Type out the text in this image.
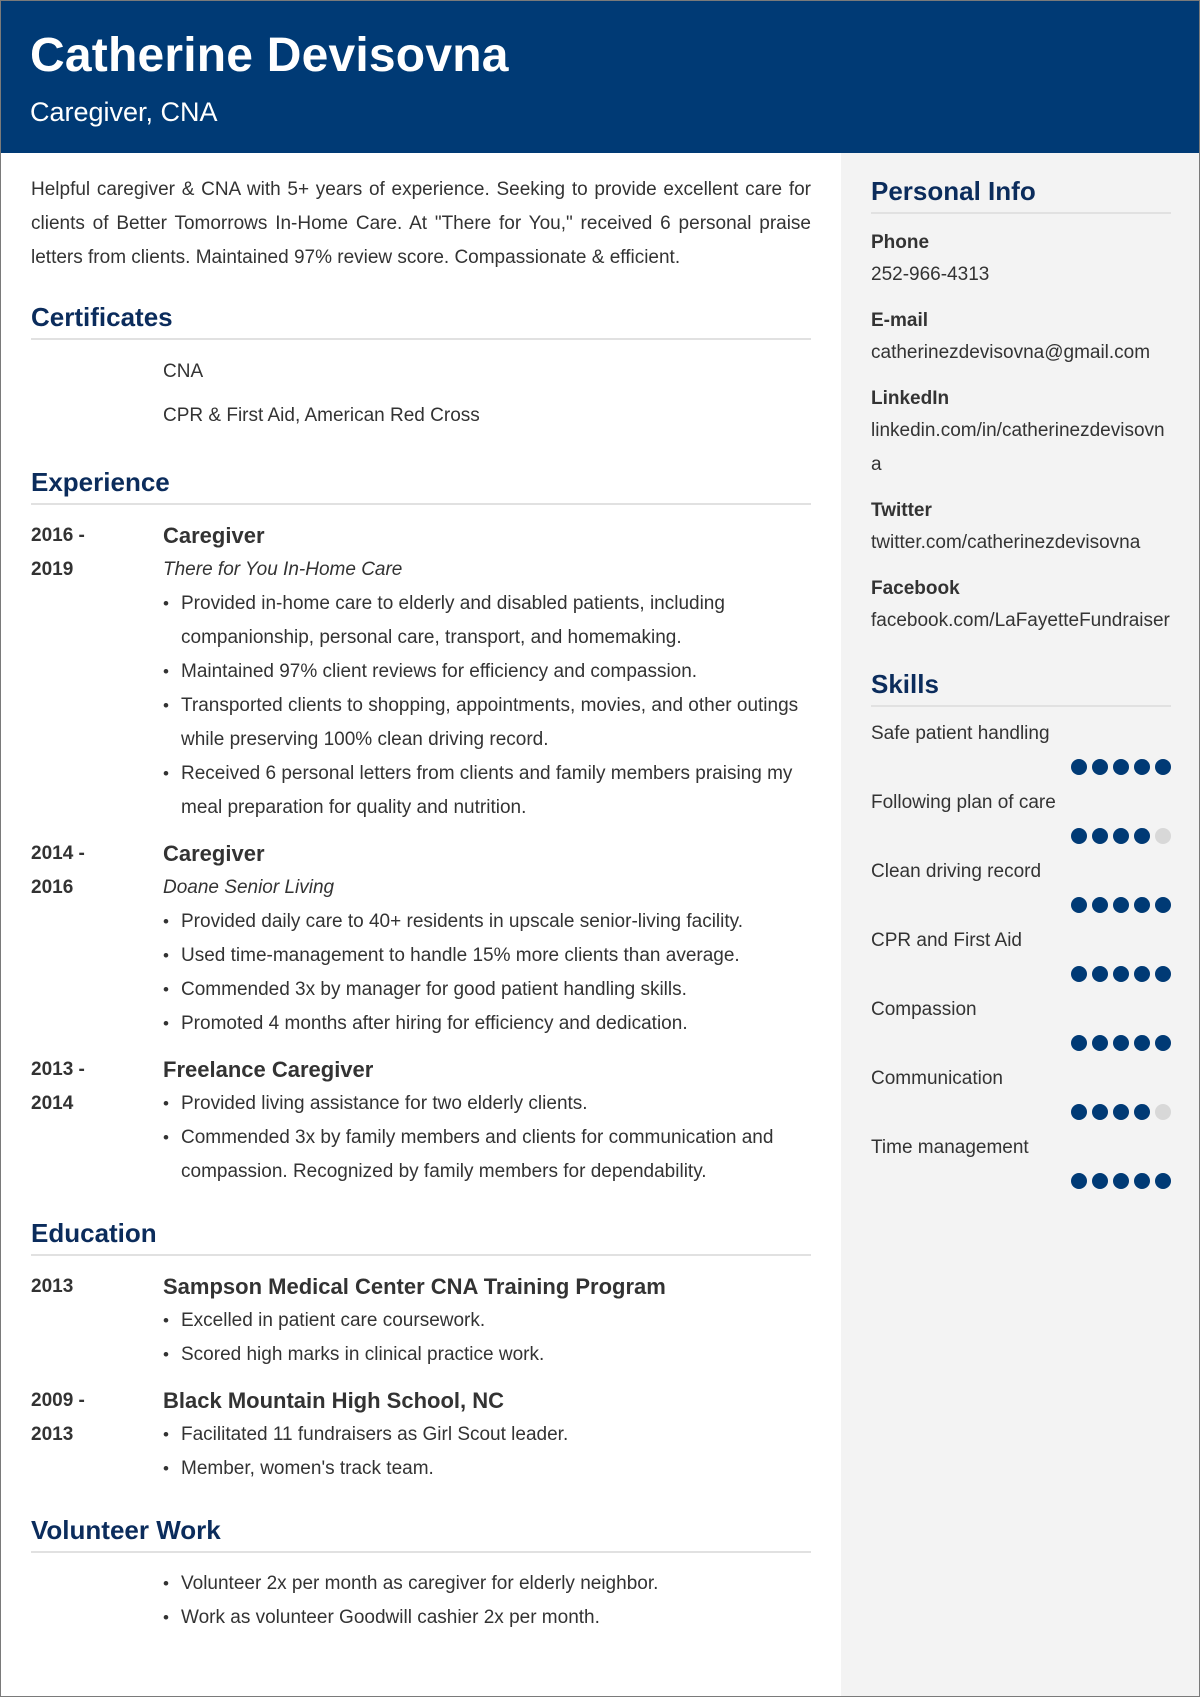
Catherine Devisovna
Caregiver, CNA

Helpful caregiver & CNA with 5+ years of experience. Seeking to provide excellent care for clients of Better Tomorrows In-Home Care. At "There for You," received 6 personal praise letters from clients. Maintained 97% review score. Compassionate & efficient.

Certificates
CNA
CPR & First Aid, American Red Cross
Experience
2016 -
2019
Caregiver
There for You In-Home Care
• Provided in-home care to elderly and disabled patients, including companionship, personal care, transport, and homemaking.
• Maintained 97% client reviews for efficiency and compassion.
• Transported clients to shopping, appointments, movies, and other outings while preserving 100% clean driving record.
• Received 6 personal letters from clients and family members praising my meal preparation for quality and nutrition.
2014 -
2016
Caregiver
Doane Senior Living
• Provided daily care to 40+ residents in upscale senior-living facility.
• Used time-management to handle 15% more clients than average.
• Commended 3x by manager for good patient handling skills.
• Promoted 4 months after hiring for efficiency and dedication.
2013 -
2014
Freelance Caregiver
• Provided living assistance for two elderly clients.
• Commended 3x by family members and clients for communication and compassion. Recognized by family members for dependability.
Education
2013	Sampson Medical Center CNA Training Program
• Excelled in patient care coursework.
• Scored high marks in clinical practice work.
2009 -
2013
Black Mountain High School, NC
• Facilitated 11 fundraisers as Girl Scout leader.
• Member, women's track team.
Volunteer Work
• Volunteer 2x per month as caregiver for elderly neighbor.
• Work as volunteer Goodwill cashier 2x per month.
Personal Info
Phone
252-966-4313
E-mail
catherinezdevisovna@gmail.com
LinkedIn
linkedin.com/in/catherinezdevisovna
Twitter
twitter.com/catherinezdevisovna
Facebook
facebook.com/LaFayetteFundraiser
Skills
Safe patient handling
Following plan of care
Clean driving record
CPR and First Aid
Compassion
Communication
Time management
